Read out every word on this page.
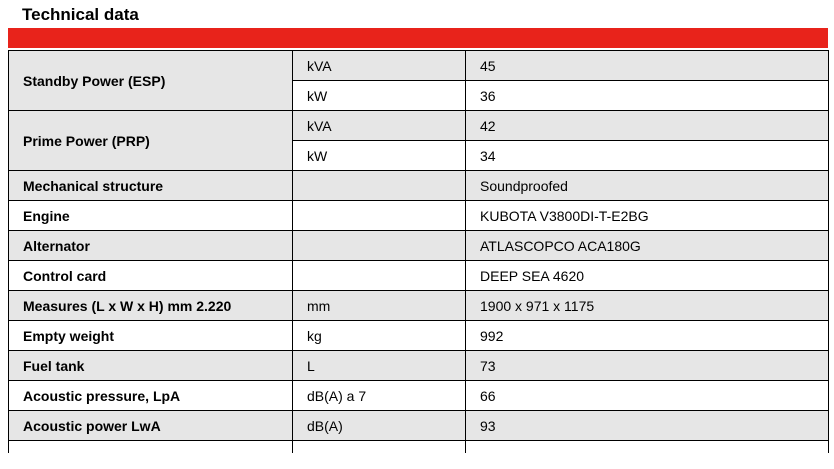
Technical data
Standby Power (ESP)	kVA	45
	kW	36
Prime Power (PRP)	kVA	42
	kW	34
Mechanical structure		Soundproofed
Engine		KUBOTA V3800DI-T-E2BG
Alternator		ATLASCOPCO ACA180G
Control card		DEEP SEA 4620
Measures (L x W x H) mm 2.220	mm	1900 x 971 x 1175
Empty weight	kg	992
Fuel tank	L	73
Acoustic pressure, LpA	dB(A) a 7	66
Acoustic power LwA	dB(A)	93
